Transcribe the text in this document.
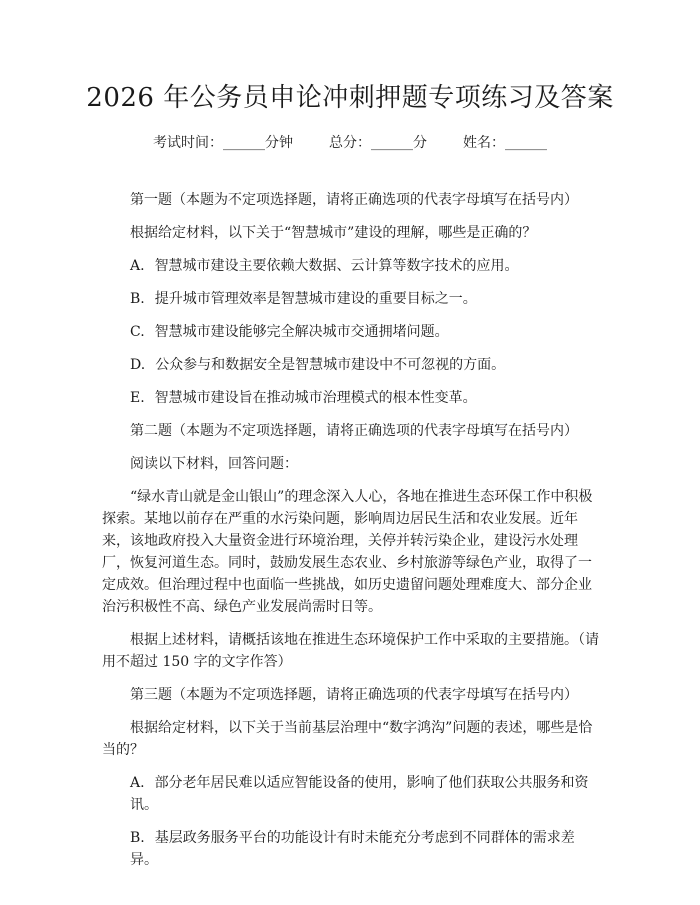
2026 年公务员申论冲刺押题专项练习及答案
考试时间：______分钟	总分：______分	姓名：______

第一题（本题为不定项选择题，请将正确选项的代表字母填写在括号内）

根据给定材料，以下关于“智慧城市”建设的理解，哪些是正确的？

A. 智慧城市建设主要依赖大数据、云计算等数字技术的应用。
B. 提升城市管理效率是智慧城市建设的重要目标之一。
C. 智慧城市建设能够完全解决城市交通拥堵问题。
D. 公众参与和数据安全是智慧城市建设中不可忽视的方面。
E. 智慧城市建设旨在推动城市治理模式的根本性变革。

第二题（本题为不定项选择题，请将正确选项的代表字母填写在括号内）

阅读以下材料，回答问题：

“绿水青山就是金山银山”的理念深入人心，各地在推进生态环保工作中积极探索。某地以前存在严重的水污染问题，影响周边居民生活和农业发展。近年来，该地政府投入大量资金进行环境治理，关停并转污染企业，建设污水处理厂，恢复河道生态。同时，鼓励发展生态农业、乡村旅游等绿色产业，取得了一定成效。但治理过程中也面临一些挑战，如历史遗留问题处理难度大、部分企业治污积极性不高、绿色产业发展尚需时日等。

根据上述材料，请概括该地在推进生态环境保护工作中采取的主要措施。（请用不超过 150 字的文字作答）

第三题（本题为不定项选择题，请将正确选项的代表字母填写在括号内）

根据给定材料，以下关于当前基层治理中“数字鸿沟”问题的表述，哪些是恰当的？

A. 部分老年居民难以适应智能设备的使用，影响了他们获取公共服务和资讯。
B. 基层政务服务平台的功能设计有时未能充分考虑到不同群体的需求差异。
